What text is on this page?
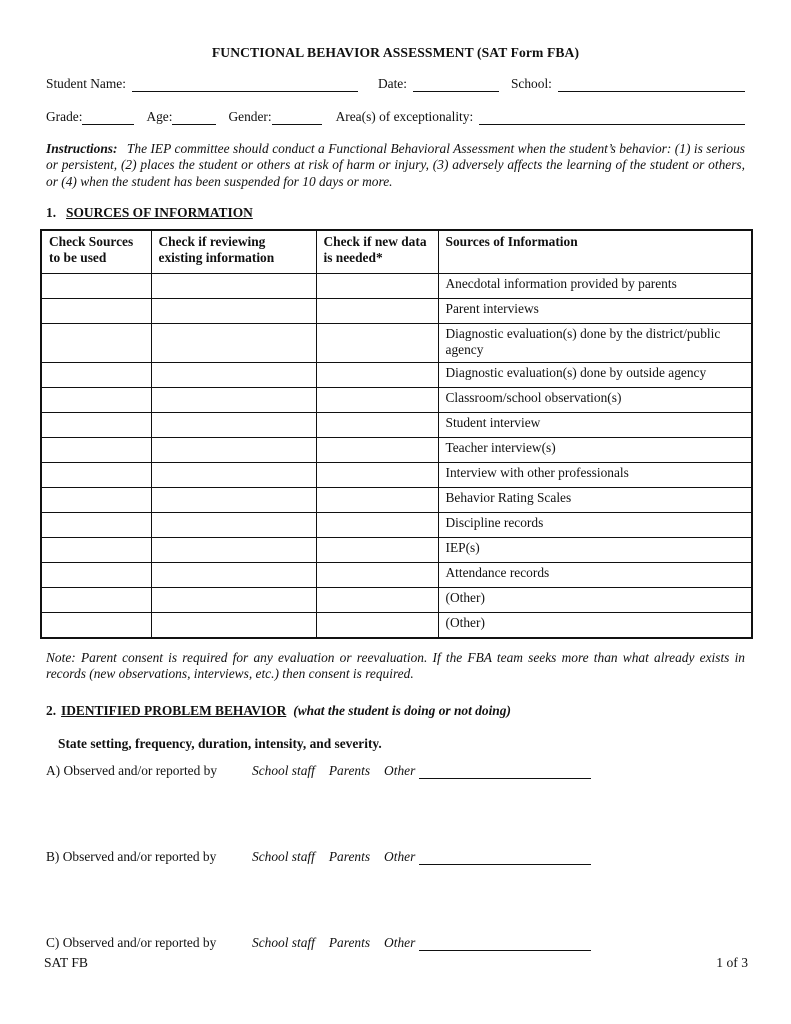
FUNCTIONAL BEHAVIOR ASSESSMENT (SAT Form FBA)
Student Name:	Date:	School:
Grade:	Age:	Gender:	Area(s) of exceptionality:
Instructions: The IEP committee should conduct a Functional Behavioral Assessment when the student’s behavior: (1) is serious or persistent, (2) places the student or others at risk of harm or injury, (3) adversely affects the learning of the student or others, or (4) when the student has been suspended for 10 days or more.
1. SOURCES OF INFORMATION
Check Sources to be used	Check if reviewing existing information	Check if new data is needed*	Sources of Information
			Anecdotal information provided by parents
			Parent interviews
			Diagnostic evaluation(s) done by the district/public agency
			Diagnostic evaluation(s) done by outside agency
			Classroom/school observation(s)
			Student interview
			Teacher interview(s)
			Interview with other professionals
			Behavior Rating Scales
			Discipline records
			IEP(s)
			Attendance records
			(Other)
			(Other)
Note: Parent consent is required for any evaluation or reevaluation. If the FBA team seeks more than what already exists in records (new observations, interviews, etc.) then consent is required.
2. IDENTIFIED PROBLEM BEHAVIOR (what the student is doing or not doing)
State setting, frequency, duration, intensity, and severity.
A) Observed and/or reported by	School staff Parents Other
B) Observed and/or reported by	School staff Parents Other
C) Observed and/or reported by	School staff Parents Other
SAT FB	1 of 3
